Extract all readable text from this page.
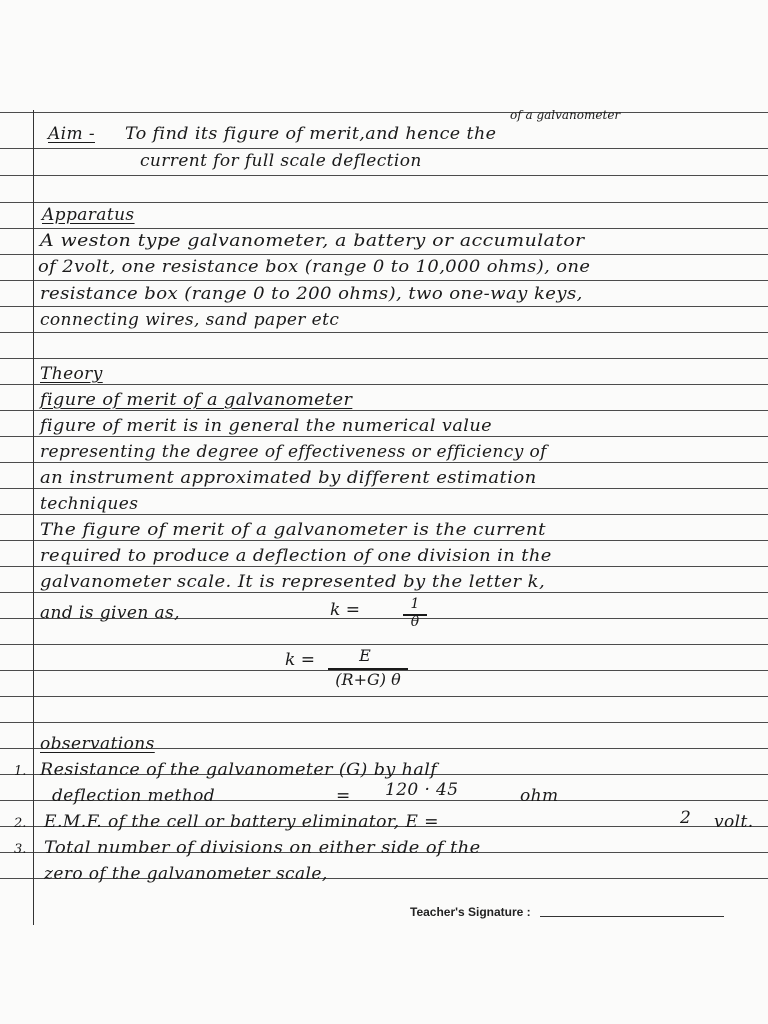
of a galvanometer
Aim - To find its figure of merit,and hence the
current for full scale deflection
Apparatus
A weston type galvanometer, a battery or accumulator
of 2volt, one resistance box (range 0 to 10,000 ohms), one
resistance box (range 0 to 200 ohms), two one-way keys,
connecting wires, sand paper etc
Theory
figure of merit of a galvanometer
figure of merit is in general the numerical value
representing the degree of effectiveness or efficiency of
an instrument approximated by different estimation
techniques
The figure of merit of a galvanometer is the current
required to produce a deflection of one division in the
galvanometer scale. It is represented by the letter k,
and is given as,	k =	1
θ
k =	E
(R+G) θ
observations
1. Resistance of the galvanometer (G) by half
deflection method	= 120 · 45	ohm
2. E.M.F. of the cell or battery eliminator, E =	2 volt.
3. Total number of divisions on either side of the
zero of the galvanometer scale,
Teacher's Signature :
